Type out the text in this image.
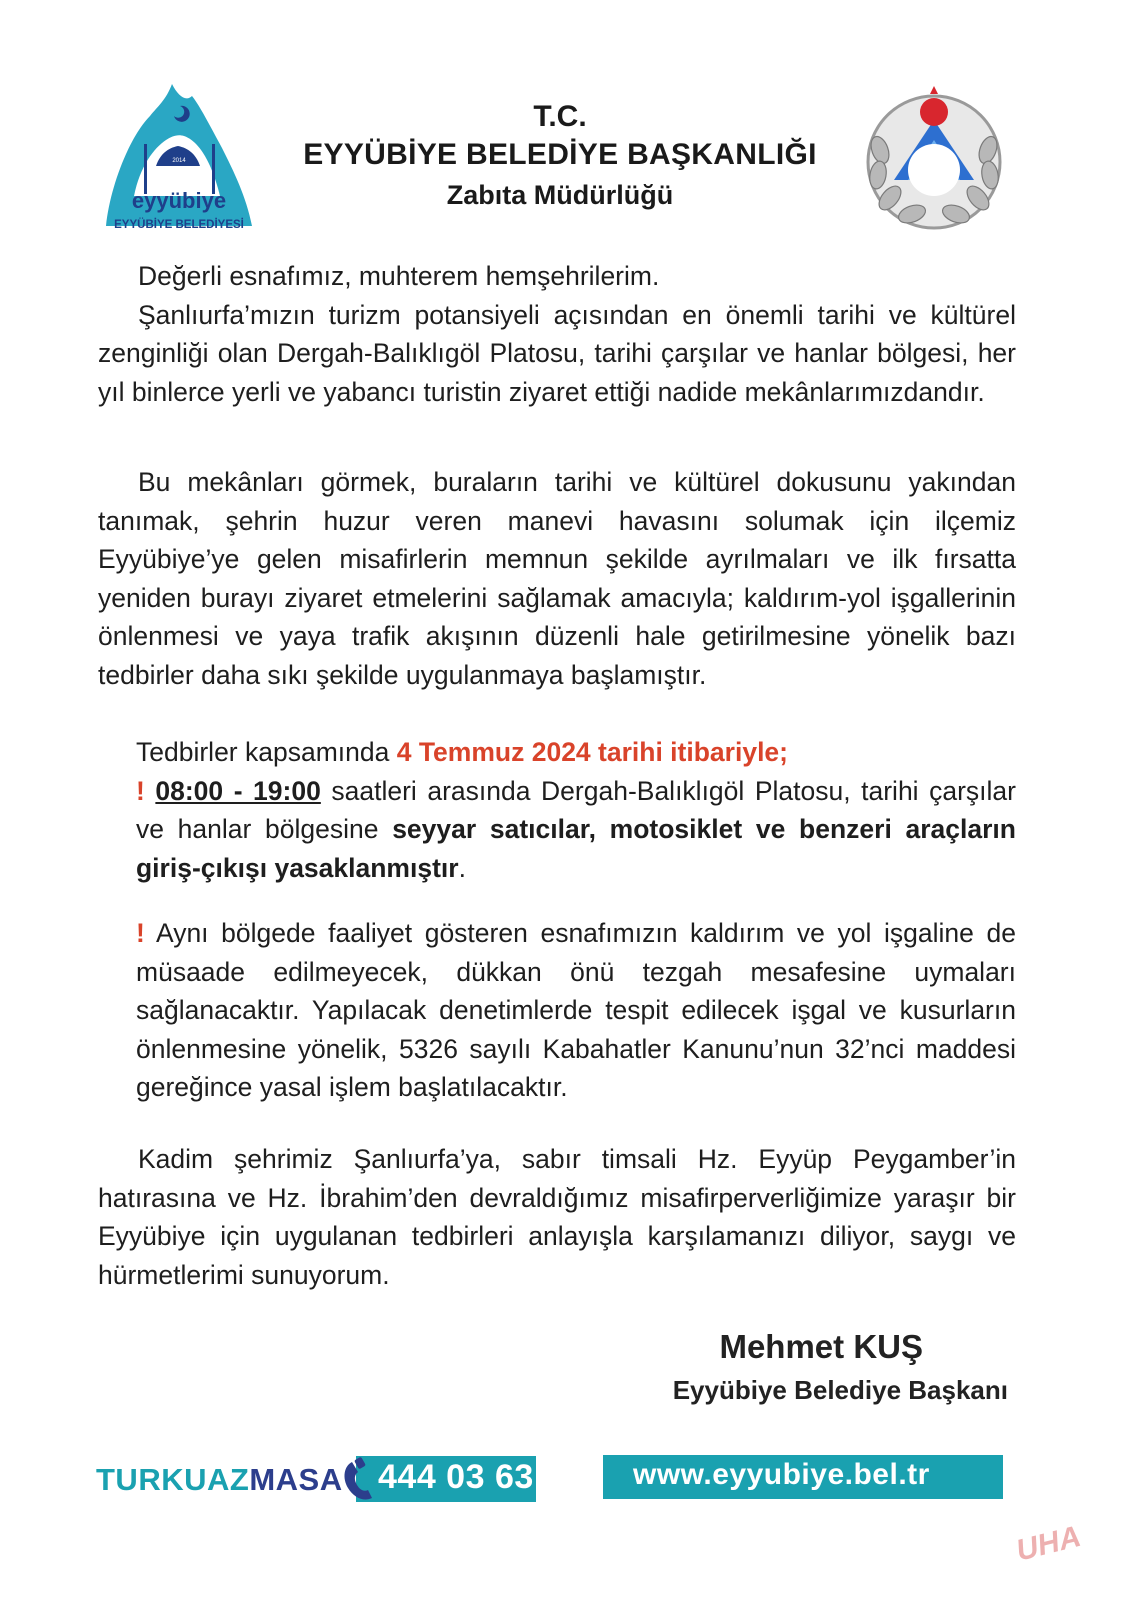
2014
eyyübiye
EYYÜBİYE BELEDİYESİ
T.C.
EYYÜBİYE BELEDİYE BAŞKANLIĞI
Zabıta Müdürlüğü

Değerli esnafımız, muhterem hemşehrilerim.

Şanlıurfa’mızın turizm potansiyeli açısından en önemli tarihi ve kültürel zenginliği olan Dergah-Balıklıgöl Platosu, tarihi çarşılar ve hanlar bölgesi, her yıl binlerce yerli ve yabancı turistin ziyaret ettiği nadide mekânlarımızdandır.

Bu mekânları görmek, buraların tarihi ve kültürel dokusunu yakından tanımak, şehrin huzur veren manevi havasını solumak için ilçemiz Eyyübiye’ye gelen misafirlerin memnun şekilde ayrılmaları ve ilk fırsatta yeniden burayı ziyaret etmelerini sağlamak amacıyla; kaldırım-yol işgallerinin önlenmesi ve yaya trafik akışının düzenli hale getirilmesine yönelik bazı tedbirler daha sıkı şekilde uygulanmaya başlamıştır.

Tedbirler kapsamında 4 Temmuz 2024 tarihi itibariyle;

! 08:00 - 19:00 saatleri arasında Dergah-Balıklıgöl Platosu, tarihi çarşılar ve hanlar bölgesine seyyar satıcılar, motosiklet ve benzeri araçların giriş-çıkışı yasaklanmıştır.

! Aynı bölgede faaliyet gösteren esnafımızın kaldırım ve yol işgaline de müsaade edilmeyecek, dükkan önü tezgah mesafesine uymaları sağlanacaktır. Yapılacak denetimlerde tespit edilecek işgal ve kusurların önlenmesine yönelik, 5326 sayılı Kabahatler Kanunu’nun 32’nci maddesi gereğince yasal işlem başlatılacaktır.

Kadim şehrimiz Şanlıurfa’ya, sabır timsali Hz. Eyyüp Peygamber’in hatırasına ve Hz. İbrahim’den devraldığımız misafirperverliğimize yaraşır bir Eyyübiye için uygulanan tedbirleri anlayışla karşılamanızı diliyor, saygı ve hürmetlerimi sunuyorum.

Mehmet KUŞ
Eyyübiye Belediye Başkanı
TURKUAZMASA 444 03 63	www.eyyubiye.bel.tr
UHA
